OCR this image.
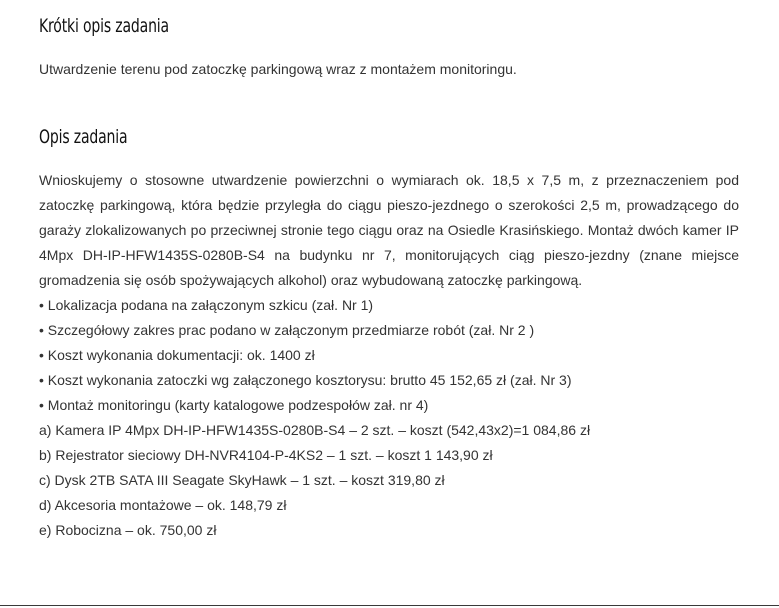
Krótki opis zadania

Utwardzenie terenu pod zatoczkę parkingową wraz z montażem monitoringu.

Opis zadania

Wnioskujemy o stosowne utwardzenie powierzchni o wymiarach ok. 18,5 x 7,5 m, z przeznaczeniem pod zatoczkę parkingową, która będzie przyległa do ciągu pieszo-jezdnego o szerokości 2,5 m, prowadzącego do garaży zlokalizowanych po przeciwnej stronie tego ciągu oraz na Osiedle Krasińskiego. Montaż dwóch kamer IP 4Mpx DH-IP-HFW1435S-0280B-S4 na budynku nr 7, monitorujących ciąg pieszo-jezdny (znane miejsce gromadzenia się osób spożywających alkohol) oraz wybudowaną zatoczkę parkingową.

• Lokalizacja podana na załączonym szkicu (zał. Nr 1)
• Szczegółowy zakres prac podano w załączonym przedmiarze robót (zał. Nr 2 )
• Koszt wykonania dokumentacji: ok. 1400 zł
• Koszt wykonania zatoczki wg załączonego kosztorysu: brutto 45 152,65 zł (zał. Nr 3)
• Montaż monitoringu (karty katalogowe podzespołów zał. nr 4)
a) Kamera IP 4Mpx DH-IP-HFW1435S-0280B-S4 – 2 szt. – koszt (542,43x2)=1 084,86 zł
b) Rejestrator sieciowy DH-NVR4104-P-4KS2 – 1 szt. – koszt 1 143,90 zł
c) Dysk 2TB SATA III Seagate SkyHawk – 1 szt. – koszt 319,80 zł
d) Akcesoria montażowe – ok. 148,79 zł
e) Robocizna – ok. 750,00 zł
